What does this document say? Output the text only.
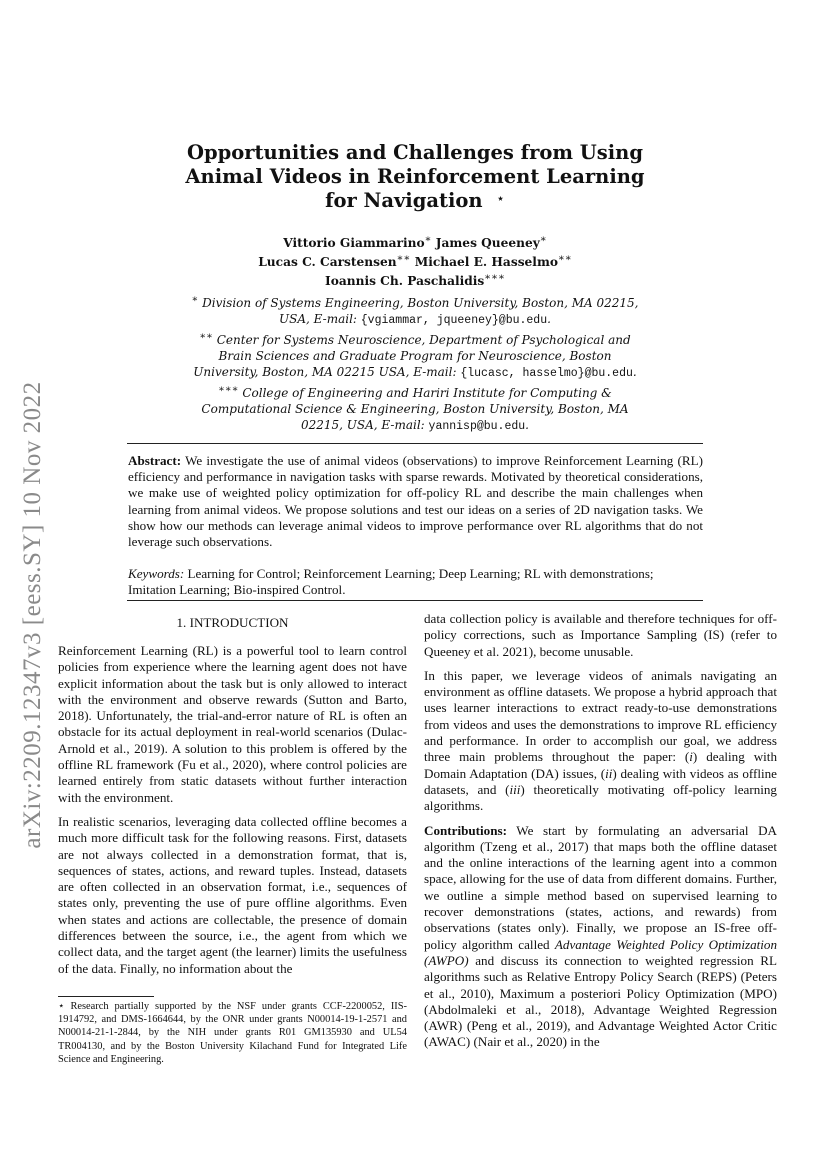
arXiv:2209.12347v3 [eess.SY] 10 Nov 2022
Opportunities and Challenges from Using
Animal Videos in Reinforcement Learning
for Navigation ⋆
Vittorio Giammarino∗ James Queeney∗
Lucas C. Carstensen∗∗ Michael E. Hasselmo∗∗
Ioannis Ch. Paschalidis∗∗∗
∗ Division of Systems Engineering, Boston University, Boston, MA 02215, USA, E-mail: {vgiammar, jqueeney}@bu.edu.
∗∗ Center for Systems Neuroscience, Department of Psychological and Brain Sciences and Graduate Program for Neuroscience, Boston University, Boston, MA 02215 USA, E-mail: {lucasc, hasselmo}@bu.edu.
∗∗∗ College of Engineering and Hariri Institute for Computing & Computational Science & Engineering, Boston University, Boston, MA 02215, USA, E-mail: yannisp@bu.edu.
Abstract: We investigate the use of animal videos (observations) to improve Reinforcement Learning (RL) efficiency and performance in navigation tasks with sparse rewards. Motivated by theoretical considerations, we make use of weighted policy optimization for off-policy RL and describe the main challenges when learning from animal videos. We propose solutions and test our ideas on a series of 2D navigation tasks. We show how our methods can leverage animal videos to improve performance over RL algorithms that do not leverage such observations.
Keywords: Learning for Control; Reinforcement Learning; Deep Learning; RL with demonstrations; Imitation Learning; Bio-inspired Control.
1. INTRODUCTION

Reinforcement Learning (RL) is a powerful tool to learn control policies from experience where the learning agent does not have explicit information about the task but is only allowed to interact with the environment and observe rewards (Sutton and Barto, 2018). Unfortunately, the trial-and-error nature of RL is often an obstacle for its actual deployment in real-world scenarios (Dulac-Arnold et al., 2019). A solution to this problem is offered by the offline RL framework (Fu et al., 2020), where control policies are learned entirely from static datasets without further interaction with the environment.

In realistic scenarios, leveraging data collected offline becomes a much more difficult task for the following reasons. First, datasets are not always collected in a demonstration format, that is, sequences of states, actions, and reward tuples. Instead, datasets are often collected in an observation format, i.e., sequences of states only, preventing the use of pure offline algorithms. Even when states and actions are collectable, the presence of domain differences between the source, i.e., the agent from which we collect data, and the target agent (the learner) limits the usefulness of the data. Finally, no information about the

⋆ Research partially supported by the NSF under grants CCF-2200052, IIS-1914792, and DMS-1664644, by the ONR under grants N00014-19-1-2571 and N00014-21-1-2844, by the NIH under grants R01 GM135930 and UL54 TR004130, and by the Boston University Kilachand Fund for Integrated Life Science and Engineering.

data collection policy is available and therefore techniques for off-policy corrections, such as Importance Sampling (IS) (refer to Queeney et al. 2021), become unusable.

In this paper, we leverage videos of animals navigating an environment as offline datasets. We propose a hybrid approach that uses learner interactions to extract ready-to-use demonstrations from videos and uses the demonstrations to improve RL efficiency and performance. In order to accomplish our goal, we address three main problems throughout the paper: (i) dealing with Domain Adaptation (DA) issues, (ii) dealing with videos as offline datasets, and (iii) theoretically motivating off-policy learning algorithms.

Contributions: We start by formulating an adversarial DA algorithm (Tzeng et al., 2017) that maps both the offline dataset and the online interactions of the learning agent into a common space, allowing for the use of data from different domains. Further, we outline a simple method based on supervised learning to recover demonstrations (states, actions, and rewards) from observations (states only). Finally, we propose an IS-free off-policy algorithm called Advantage Weighted Policy Optimization (AWPO) and discuss its connection to weighted regression RL algorithms such as Relative Entropy Policy Search (REPS) (Peters et al., 2010), Maximum a posteriori Policy Optimization (MPO) (Abdolmaleki et al., 2018), Advantage Weighted Regression (AWR) (Peng et al., 2019), and Advantage Weighted Actor Critic (AWAC) (Nair et al., 2020) in the
